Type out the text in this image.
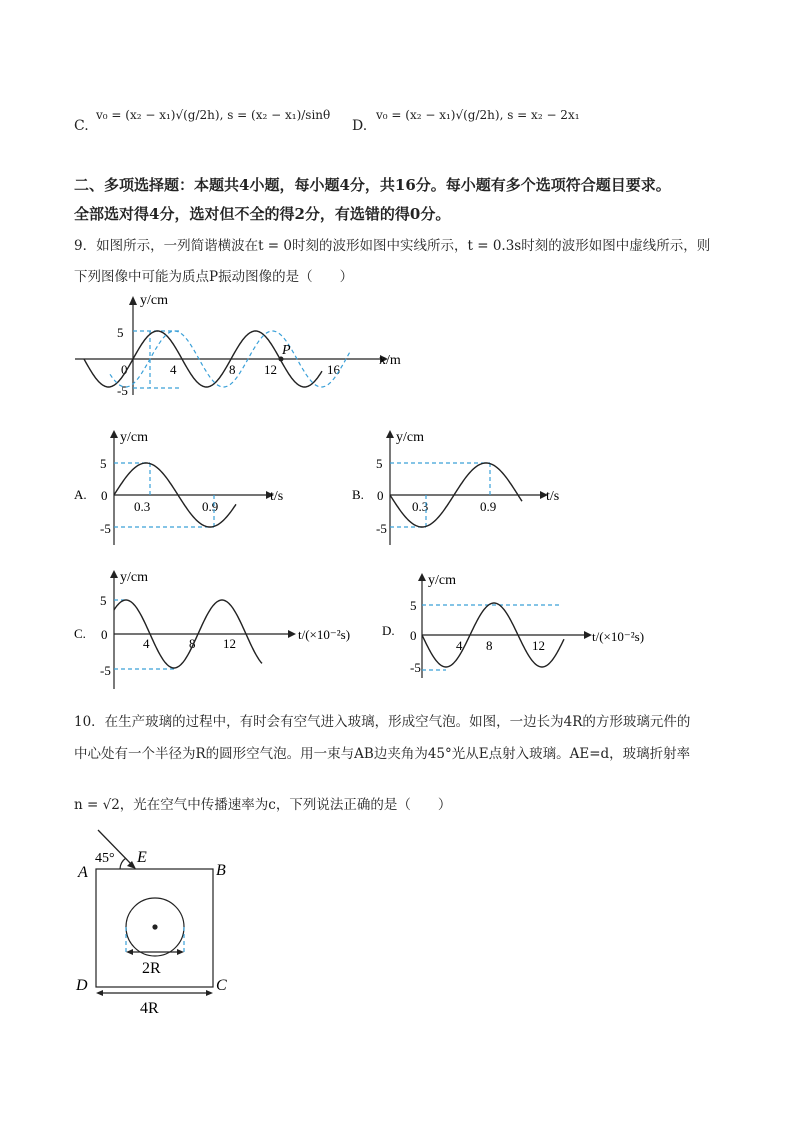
C.
v₀ = (x₂ − x₁)√(g/2h), s = (x₂ − x₁)/sinθ
D.
v₀ = (x₂ − x₁)√(g/2h), s = x₂ − 2x₁
二、多项选择题：本题共4小题，每小题4分，共16分。每小题有多个选项符合题目要求。
全部选对得4分，选对但不全的得2分，有选错的得0分。
9．如图所示，一列简谐横波在t = 0时刻的波形如图中实线所示，t = 0.3s时刻的波形如图中虚线所示，则
下列图像中可能为质点P振动图像的是（　　）
y/cm
x/m
5
-5
0	4	8 12	16
P
A.
y/cm
t/s
5
-5
0
0.3	0.9
B.
y/cm
t/s
5
-5
0
0.3	0.9
C.
y/cm
t/(×10⁻²s)
5
-5
0
4	8 12
D.
y/cm
t/(×10⁻²s)
5
-5
0
4 8	12
10．在生产玻璃的过程中，有时会有空气进入玻璃，形成空气泡。如图，一边长为4R的方形玻璃元件的
中心处有一个半径为R的圆形空气泡。用一束与AB边夹角为45°光从E点射入玻璃。AE=d，玻璃折射率
n = √2，光在空气中传播速率为c，下列说法正确的是（　　）
45° E
A	B
D	C
2R
4R
